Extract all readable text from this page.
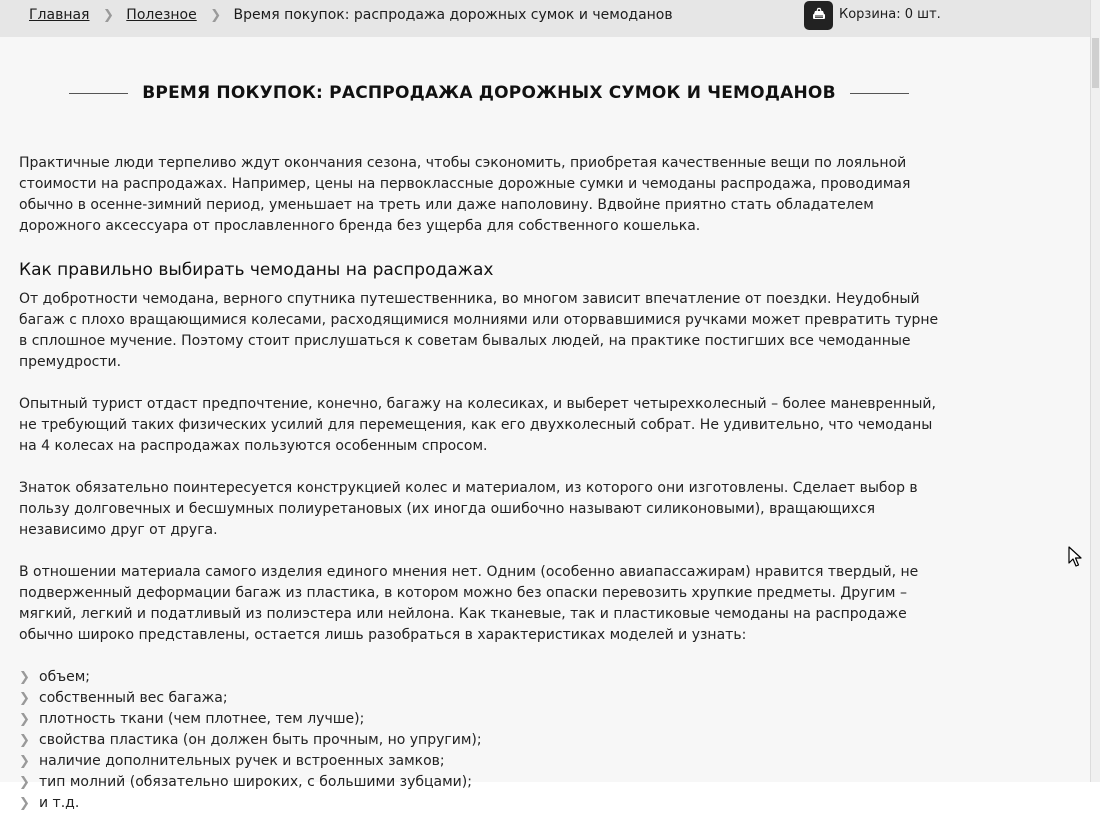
Главная ❯ Полезное ❯ Время покупок: распродажа дорожных сумок и чемоданов	Корзина: 0 шт.
ВРЕМЯ ПОКУПОК: РАСПРОДАЖА ДОРОЖНЫХ СУМОК И ЧЕМОДАНОВ

Практичные люди терпеливо ждут окончания сезона, чтобы сэкономить, приобретая качественные вещи по лояльной стоимости на распродажах. Например, цены на первоклассные дорожные сумки и чемоданы распродажа, проводимая обычно в осенне-зимний период, уменьшает на треть или даже наполовину. Вдвойне приятно стать обладателем дорожного аксессуара от прославленного бренда без ущерба для собственного кошелька.

Как правильно выбирать чемоданы на распродажах

От добротности чемодана, верного спутника путешественника, во многом зависит впечатление от поездки. Неудобный багаж с плохо вращающимися колесами, расходящимися молниями или оторвавшимися ручками может превратить турне в сплошное мучение. Поэтому стоит прислушаться к советам бывалых людей, на практике постигших все чемоданные премудрости.

Опытный турист отдаст предпочтение, конечно, багажу на колесиках, и выберет четырехколесный – более маневренный, не требующий таких физических усилий для перемещения, как его двухколесный собрат. Не удивительно, что чемоданы на 4 колесах на распродажах пользуются особенным спросом.

Знаток обязательно поинтересуется конструкцией колес и материалом, из которого они изготовлены. Сделает выбор в пользу долговечных и бесшумных полиуретановых (их иногда ошибочно называют силиконовыми), вращающихся независимо друг от друга.

В отношении материала самого изделия единого мнения нет. Одним (особенно авиапассажирам) нравится твердый, не подверженный деформации багаж из пластика, в котором можно без опаски перевозить хрупкие предметы. Другим – мягкий, легкий и податливый из полиэстера или нейлона. Как тканевые, так и пластиковые чемоданы на распродаже обычно широко представлены, остается лишь разобраться в характеристиках моделей и узнать:

❯ объем;
❯ собственный вес багажа;
❯ плотность ткани (чем плотнее, тем лучше);
❯ свойства пластика (он должен быть прочным, но упругим);
❯ наличие дополнительных ручек и встроенных замков;
❯ тип молний (обязательно широких, с большими зубцами);
❯ и т.д.
